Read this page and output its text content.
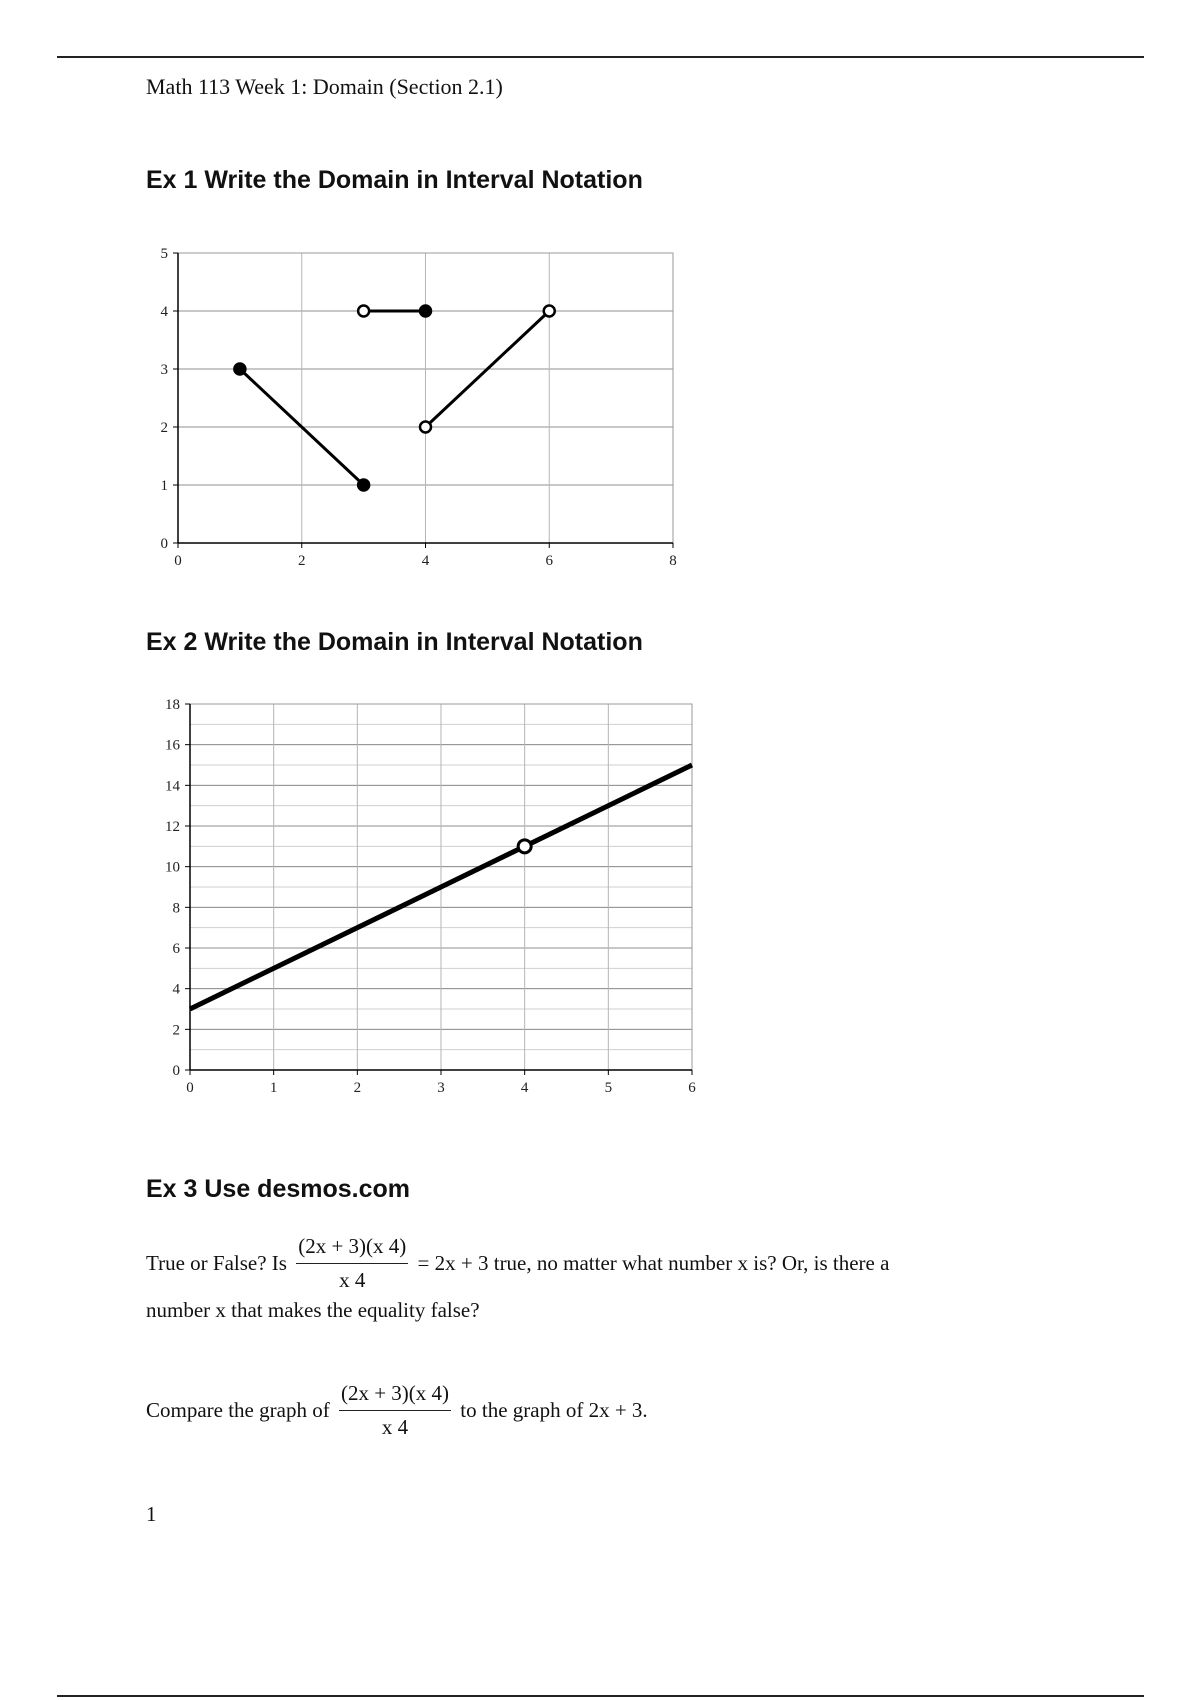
Math 113 Week 1: Domain (Section 2.1)
Ex 1 Write the Domain in Interval Notation
0	2	4	6	8
0
1
2
3
4
5
Ex 2 Write the Domain in Interval Notation
0	1	2	3	4	5	6
0
2
4
6
8
10
12
14
16
18
Ex 3 Use desmos.com
True or False? Is $\frac{(2x + 3)(x 4)}{x 4} = 2x + 3$ true, no matter what number x is? Or, is there a
number x that makes the equality false?
Compare the graph of $\frac{(2x + 3)(x 4)}{x 4}$ to the graph of 2x + 3.
1
